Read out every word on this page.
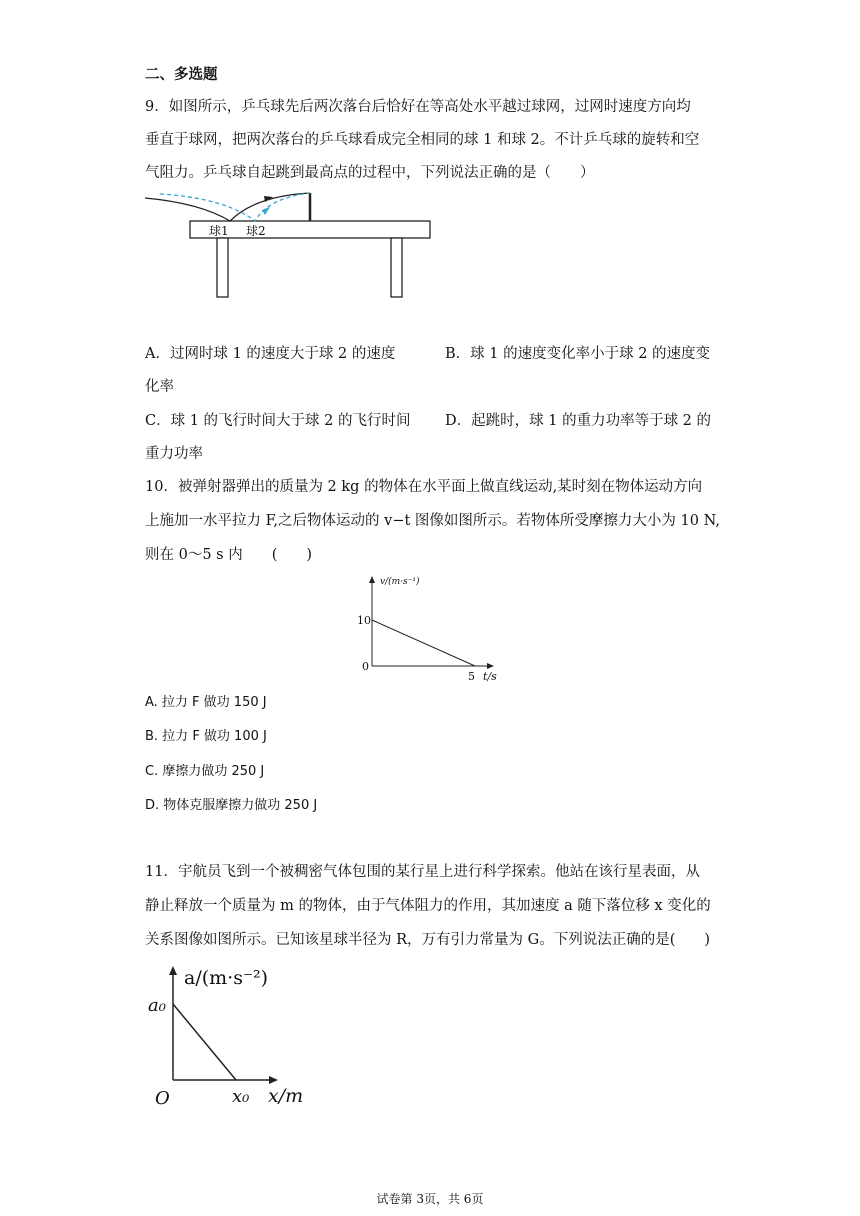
二、多选题
9．如图所示，乒乓球先后两次落台后恰好在等高处水平越过球网，过网时速度方向均
垂直于球网，把两次落台的乒乓球看成完全相同的球 1 和球 2。不计乒乓球的旋转和空
气阻力。乒乓球自起跳到最高点的过程中，下列说法正确的是（　　）
球1 球2
A．过网时球 1 的速度大于球 2 的速度	B．球 1 的速度变化率小于球 2 的速度变
化率
C．球 1 的飞行时间大于球 2 的飞行时间 D．起跳时，球 1 的重力功率等于球 2 的
重力功率
10．被弹射器弹出的质量为 2 kg 的物体在水平面上做直线运动,某时刻在物体运动方向
上施加一水平拉力 F,之后物体运动的 v−t 图像如图所示。若物体所受摩擦力大小为 10 N,
则在 0～5 s 内　　(　　)
v/(m·s⁻¹)
10
0
5 t/s
A. 拉力 F 做功 150 J
B. 拉力 F 做功 100 J
C. 摩擦力做功 250 J
D. 物体克服摩擦力做功 250 J
11．宇航员飞到一个被稠密气体包围的某行星上进行科学探索。他站在该行星表面，从
静止释放一个质量为 m 的物体，由于气体阻力的作用，其加速度 a 随下落位移 x 变化的
关系图像如图所示。已知该星球半径为 R，万有引力常量为 G。下列说法正确的是(　　)
a/(m·s⁻²)
a₀
O	x₀ x/m
试卷第 3页，共 6页
